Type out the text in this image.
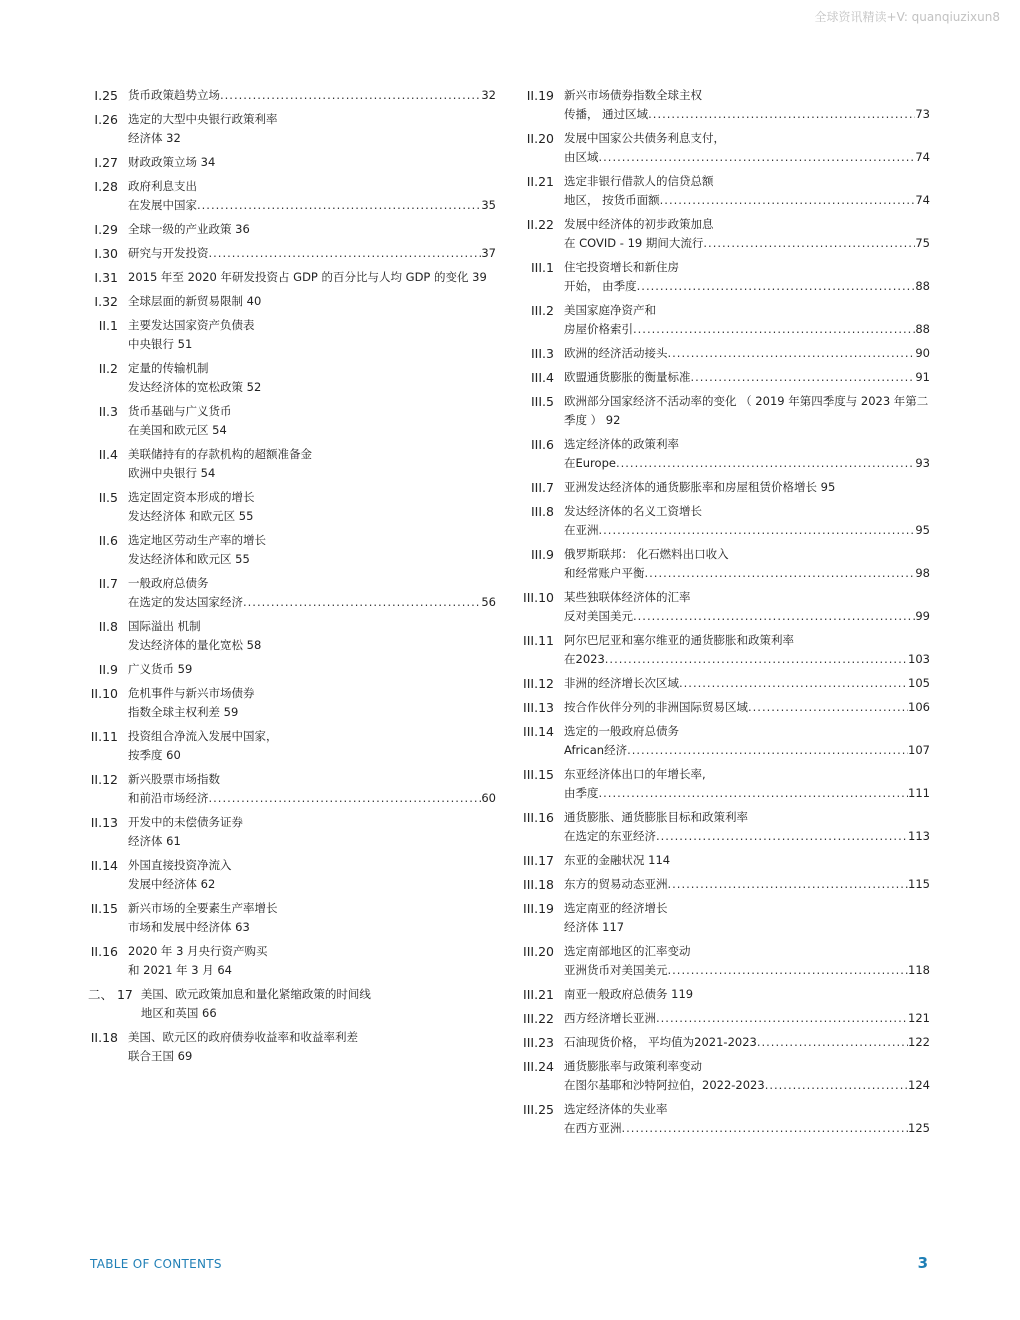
全球资讯精读+V: quanqiuzixun8
I.25 货币政策趋势立场 .....	32
I.26 选定的大型中央银行政策利率
经济体 32
I.27 财政政策立场 34
I.28 政府利息支出
在发展中国家 .....	35
I.29 全球一级的产业政策 36
I.30 研究与开发投资 .....	37
I.31 2015 年至 2020 年研发投资占 GDP 的百分比与人均 GDP 的变化 39
I.32 全球层面的新贸易限制 40
II.1 主要发达国家资产负债表
中央银行 51
II.2 定量的传输机制
发达经济体的宽松政策 52
II.3 货币基础与广义货币
在美国和欧元区 54
II.4 美联储持有的存款机构的超额准备金
欧洲中央银行 54
II.5 选定固定资本形成的增长
发达经济体 和欧元区 55
II.6 选定地区劳动生产率的增长
发达经济体和欧元区 55
II.7 一般政府总债务
在选定的发达国家经济 .....	56
II.8 国际溢出 机制
发达经济体的量化宽松 58
II.9 广义货币 59
II.10 危机事件与新兴市场债券
指数全球主权利差 59
II.11 投资组合净流入发展中国家，
按季度 60
II.12 新兴股票市场指数
和前沿市场经济 .....	60
II.13 开发中的未偿债务证券
经济体 61
II.14 外国直接投资净流入
发展中经济体 62
II.15 新兴市场的全要素生产率增长
市场和发展中经济体 63
II.16 2020 年 3 月央行资产购买
和 2021 年 3 月 64
二、 17 美国、欧元政策加息和量化紧缩政策的时间线
地区和英国 66
II.18 美国、欧元区的政府债券收益率和收益率利差
联合王国 69
II.19 新兴市场债券指数全球主权
传播， 通过区域 .....	73
II.20 发展中国家公共债务利息支付，
由区域 .....	74
II.21 选定非银行借款人的信贷总额
地区， 按货币面额 .....	74
II.22 发展中经济体的初步政策加息
在 COVID - 19 期间大流行 .....	75
III.1 住宅投资增长和新住房
开始， 由季度 .....	88
III.2 美国家庭净资产和
房屋价格索引 .....	88
III.3 欧洲的经济活动接头 .....	90
III.4 欧盟通货膨胀的衡量标准 .....	91
III.5 欧洲部分国家经济不活动率的变化 （ 2019 年第四季度与 2023 年第二
季度 ） 92
III.6 选定经济体的政策利率
在Europe .....	93
III.7 亚洲发达经济体的通货膨胀率和房屋租赁价格增长 95
III.8 发达经济体的名义工资增长
在亚洲 .....	95
III.9 俄罗斯联邦： 化石燃料出口收入
和经常账户平衡 .....	98
III.10 某些独联体经济体的汇率
反对美国美元 .....	99
III.11 阿尔巴尼亚和塞尔维亚的通货膨胀和政策利率
在2023 .....	103
III.12 非洲的经济增长次区域 .....	105
III.13 按合作伙伴分列的非洲国际贸易区域 .....	106
III.14 选定的一般政府总债务
African经济 .....	107
III.15 东亚经济体出口的年增长率,
由季度 .....	111
III.16 通货膨胀、通货膨胀目标和政策利率
在选定的东亚经济 .....	113
III.17 东亚的金融状况 114
III.18 东方的贸易动态亚洲 .....	115
III.19 选定南亚的经济增长
经济体 117
III.20 选定南部地区的汇率变动
亚洲货币对美国美元 .....	118
III.21 南亚一般政府总债务 119
III.22 西方经济增长亚洲 .....	121
III.23 石油现货价格， 平均值为2021-2023 .....	122
III.24 通货膨胀率与政策利率变动
在图尔基耶和沙特阿拉伯，2022-2023 .....	124
III.25 选定经济体的失业率
在西方亚洲 .....	125
TABLE OF CONTENTS	3
